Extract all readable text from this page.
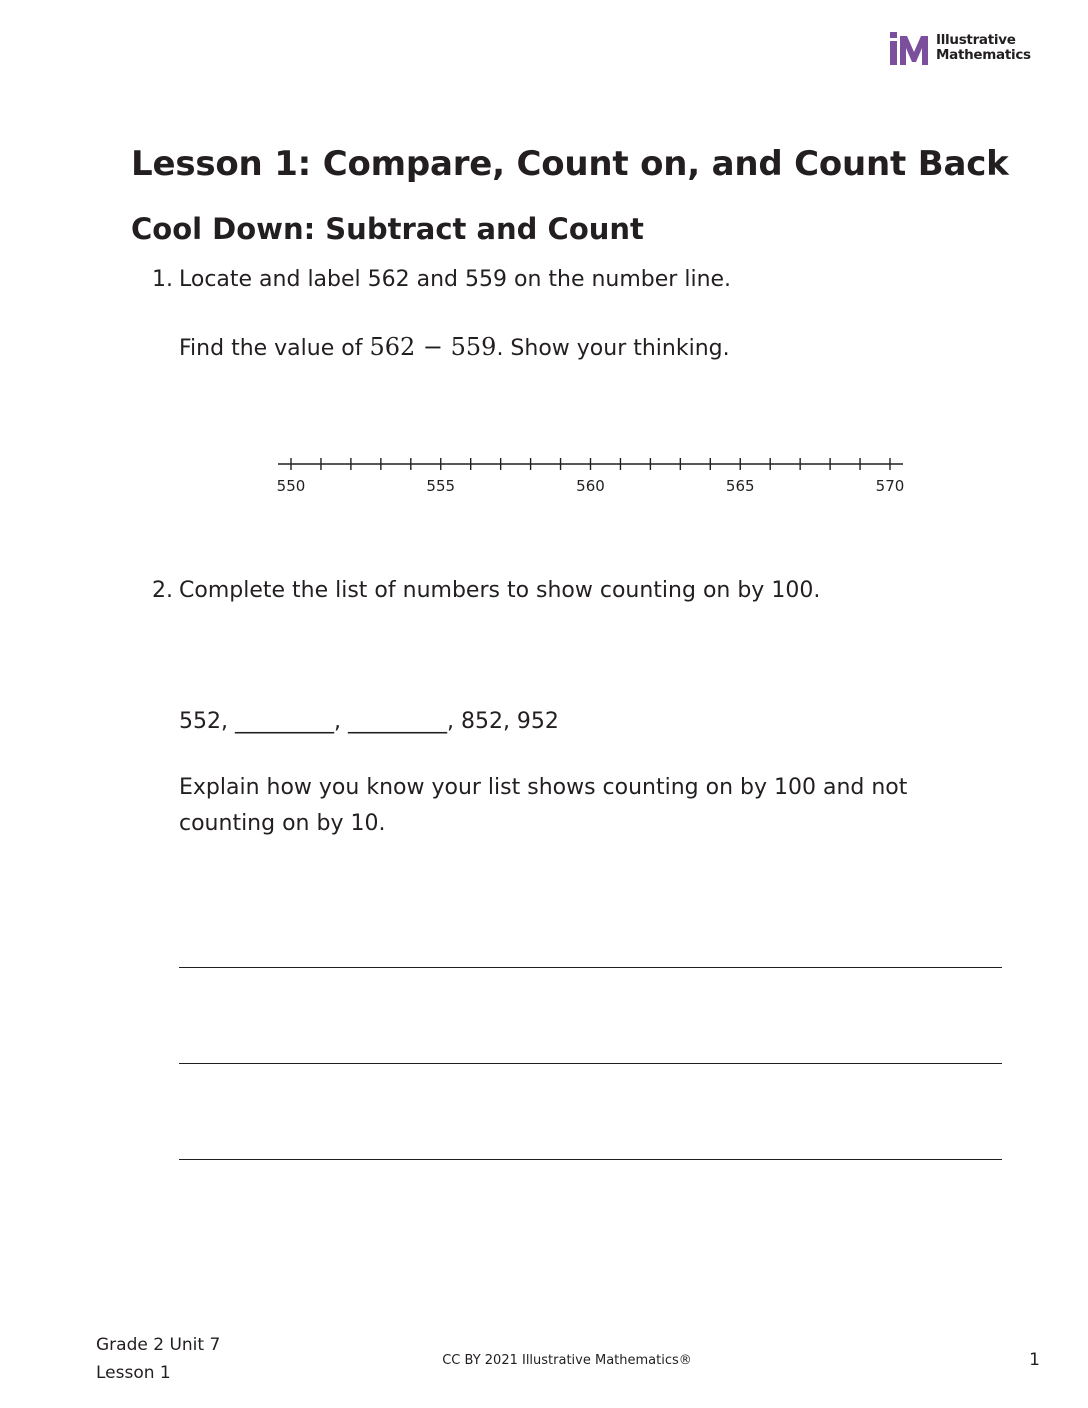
Illustrative
Mathematics
Lesson 1: Compare, Count on, and Count Back
Cool Down: Subtract and Count
1. Locate and label 562 and 559 on the number line.
Find the value of 562 − 559. Show your thinking.
550	555	560	565	570
2. Complete the list of numbers to show counting on by 100.
552, _________, _________, 852, 952
Explain how you know your list shows counting on by 100 and not
counting on by 10.
Grade 2 Unit 7
Lesson 1
CC BY 2021 Illustrative Mathematics®	1
